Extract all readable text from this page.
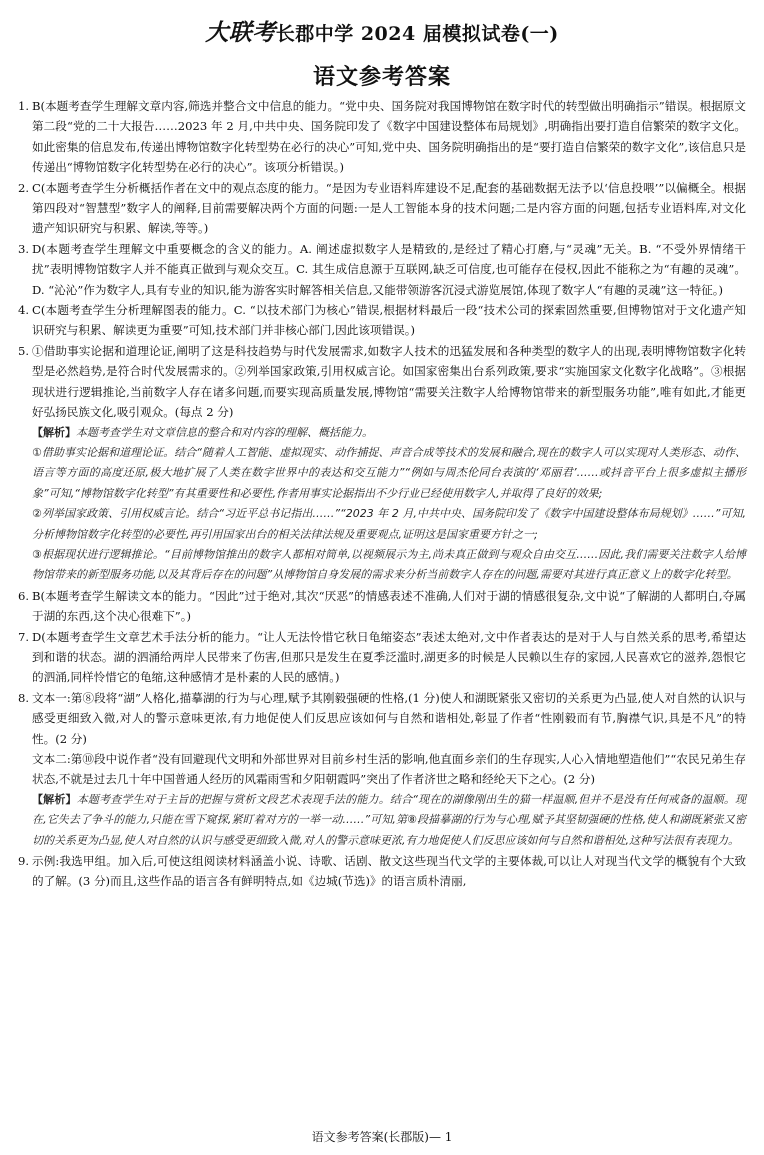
大联考长郡中学 2024 届模拟试卷(一)
语文参考答案

1. B(本题考查学生理解文章内容,筛选并整合文中信息的能力。“党中央、国务院对我国博物馆在数字时代的转型做出明确指示”错误。根据原文第二段“党的二十大报告……2023 年 2 月,中共中央、国务院印发了《数字中国建设整体布局规划》,明确指出要打造自信繁荣的数字文化。如此密集的信息发布,传递出博物馆数字化转型势在必行的决心”可知,党中央、国务院明确指出的是“要打造自信繁荣的数字文化”,该信息只是传递出“博物馆数字化转型势在必行的决心”。该项分析错误。)

2. C(本题考查学生分析概括作者在文中的观点态度的能力。“是因为专业语料库建设不足,配套的基础数据无法予以‘信息投喂’”以偏概全。根据第四段对“智慧型”数字人的阐释,目前需要解决两个方面的问题:一是人工智能本身的技术问题;二是内容方面的问题,包括专业语料库,对文化遗产知识研究与积累、解读,等等。)

3. D(本题考查学生理解文中重要概念的含义的能力。A. 阐述虚拟数字人是精致的,是经过了精心打磨,与“灵魂”无关。B. “不受外界情绪干扰”表明博物馆数字人并不能真正做到与观众交互。C. 其生成信息源于互联网,缺乏可信度,也可能存在侵权,因此不能称之为“有趣的灵魂”。D. “沁沁”作为数字人,具有专业的知识,能为游客实时解答相关信息,又能带领游客沉浸式游览展馆,体现了数字人“有趣的灵魂”这一特征。)

4. C(本题考查学生分析理解图表的能力。C. “以技术部门为核心”错误,根据材料最后一段“技术公司的探索固然重要,但博物馆对于文化遗产知识研究与积累、解读更为重要”可知,技术部门并非核心部门,因此该项错误。)

5. ①借助事实论据和道理论证,阐明了这是科技趋势与时代发展需求,如数字人技术的迅猛发展和各种类型的数字人的出现,表明博物馆数字化转型是必然趋势,是符合时代发展需求的。②列举国家政策,引用权威言论。如国家密集出台系列政策,要求“实施国家文化数字化战略”。③根据现状进行逻辑推论,当前数字人存在诸多问题,而要实现高质量发展,博物馆“需要关注数字人给博物馆带来的新型服务功能”,唯有如此,才能更好弘扬民族文化,吸引观众。(每点 2 分)

【解析】本题考查学生对文章信息的整合和对内容的理解、概括能力。

①借助事实论据和道理论证。结合“随着人工智能、虚拟现实、动作捕捉、声音合成等技术的发展和融合,现在的数字人可以实现对人类形态、动作、语言等方面的高度还原,极大地扩展了人类在数字世界中的表达和交互能力”“例如与周杰伦同台表演的‘邓丽君’……或抖音平台上很多虚拟主播形象”可知,“博物馆数字化转型”有其重要性和必要性,作者用事实论据指出不少行业已经使用数字人,并取得了良好的效果;

②列举国家政策、引用权威言论。结合“习近平总书记指出……”“2023 年 2 月,中共中央、国务院印发了《数字中国建设整体布局规划》……”可知,分析博物馆数字化转型的必要性,再引用国家出台的相关法律法规及重要观点,证明这是国家重要方针之一;

③根据现状进行逻辑推论。“目前博物馆推出的数字人都相对简单,以视频展示为主,尚未真正做到与观众自由交互……因此,我们需要关注数字人给博物馆带来的新型服务功能,以及其背后存在的问题”从博物馆自身发展的需求来分析当前数字人存在的问题,需要对其进行真正意义上的数字化转型。

6. B(本题考查学生解读文本的能力。“因此”过于绝对,其次“厌恶”的情感表述不准确,人们对于湖的情感很复杂,文中说“了解湖的人都明白,夺属于湖的东西,这个决心很难下”。)

7. D(本题考查学生文章艺术手法分析的能力。“让人无法怜惜它秋日龟缩姿态”表述太绝对,文中作者表达的是对于人与自然关系的思考,希望达到和谐的状态。湖的泗涌给两岸人民带来了伤害,但那只是发生在夏季泛滥时,湖更多的时候是人民赖以生存的家园,人民喜欢它的滋养,怨恨它的泗涌,同样怜惜它的龟缩,这种感情才是朴素的人民的感情。)

8. 文本一:第⑧段将“湖”人格化,描摹湖的行为与心理,赋予其刚毅强硬的性格,(1 分)使人和湖既紧张又密切的关系更为凸显,使人对自然的认识与感受更细致入微,对人的警示意味更浓,有力地促使人们反思应该如何与自然和谐相处,彰显了作者“性刚毅而有节,胸襟气识,具是不凡”的特性。(2 分)

文本二:第⑩段中说作者“没有回避现代文明和外部世界对目前乡村生活的影响,他直面乡亲们的生存现实,人心入情地塑造他们”“农民兄弟生存状态,不就是过去几十年中国普通人经历的风霜雨雪和夕阳朝霞吗”突出了作者济世之略和经纶天下之心。(2 分)

【解析】本题考查学生对于主旨的把握与赏析文段艺术表现手法的能力。结合“现在的湖像刚出生的猫一样温顺,但并不是没有任何戒备的温顺。现在,它失去了争斗的能力,只能在雪下窥探,紧盯着对方的一举一动……”可知,第⑧段描摹湖的行为与心理,赋予其坚韧强硬的性格,使人和湖既紧张又密切的关系更为凸显,使人对自然的认识与感受更细致入微,对人的警示意味更浓,有力地促使人们反思应该如何与自然和谐相处,这种写法很有表现力。

9. 示例:我选甲组。加入后,可使这组阅读材料涵盖小说、诗歌、话剧、散文这些现当代文学的主要体裁,可以让人对现当代文学的概貌有个大致的了解。(3 分)而且,这些作品的语言各有鲜明特点,如《边城(节选)》的语言质朴清丽,

语文参考答案(长郡版)— 1
